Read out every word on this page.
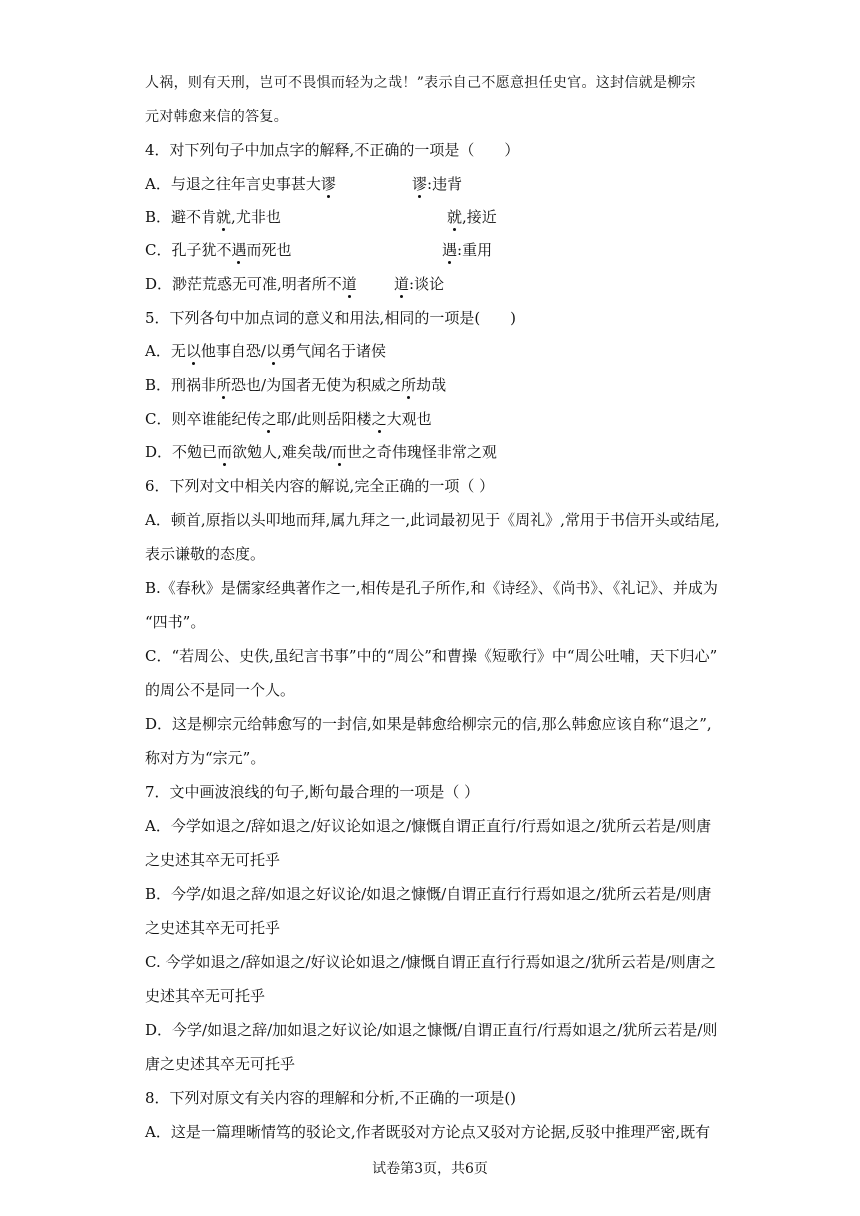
人祸，则有天刑，岂可不畏惧而轻为之哉！”表示自己不愿意担任史官。这封信就是柳宗
元对韩愈来信的答复。
4．对下列句子中加点字的解释,不正确的一项是（　　）
A．与退之往年言史事甚大谬	谬:违背
B．避不肯就,尤非也	就,接近
C．孔子犹不遇而死也	遇:重用
D．渺茫荒惑无可准,明者所不道 道:谈论
5．下列各句中加点词的意义和用法,相同的一项是(　　)
A．无以他事自恐/以勇气闻名于诸侯
B．刑祸非所恐也/为国者无使为积威之所劫哉
C．则卒谁能纪传之耶/此则岳阳楼之大观也
D．不勉已而欲勉人,难矣哉/而世之奇伟瑰怪非常之观
6．下列对文中相关内容的解说,完全正确的一项（ ）
A．顿首,原指以头叩地而拜,属九拜之一,此词最初见于《周礼》,常用于书信开头或结尾,
表示谦敬的态度。
B.《春秋》是儒家经典著作之一,相传是孔子所作,和《诗经》、《尚书》、《礼记》、并成为
“四书”。
C．“若周公、史佚,虽纪言书事”中的“周公”和曹操《短歌行》中“周公吐哺，天下归心”
的周公不是同一个人。
D．这是柳宗元给韩愈写的一封信,如果是韩愈给柳宗元的信,那么韩愈应该自称“退之”,
称对方为“宗元”。
7．文中画波浪线的句子,断句最合理的一项是（ ）
A．今学如退之/辞如退之/好议论如退之/慷慨自谓正直行/行焉如退之/犹所云若是/则唐
之史述其卒无可托乎
B．今学/如退之辞/如退之好议论/如退之慷慨/自谓正直行行焉如退之/犹所云若是/则唐
之史述其卒无可托乎
C. 今学如退之/辞如退之/好议论如退之/慷慨自谓正直行行焉如退之/犹所云若是/则唐之
史述其卒无可托乎
D．今学/如退之辞/加如退之好议论/如退之慷慨/自谓正直行/行焉如退之/犹所云若是/则
唐之史述其卒无可托乎
8．下列对原文有关内容的理解和分析,不正确的一项是()
A．这是一篇理晰情笃的驳论文,作者既驳对方论点又驳对方论据,反驳中推理严密,既有
试卷第3页，共6页
